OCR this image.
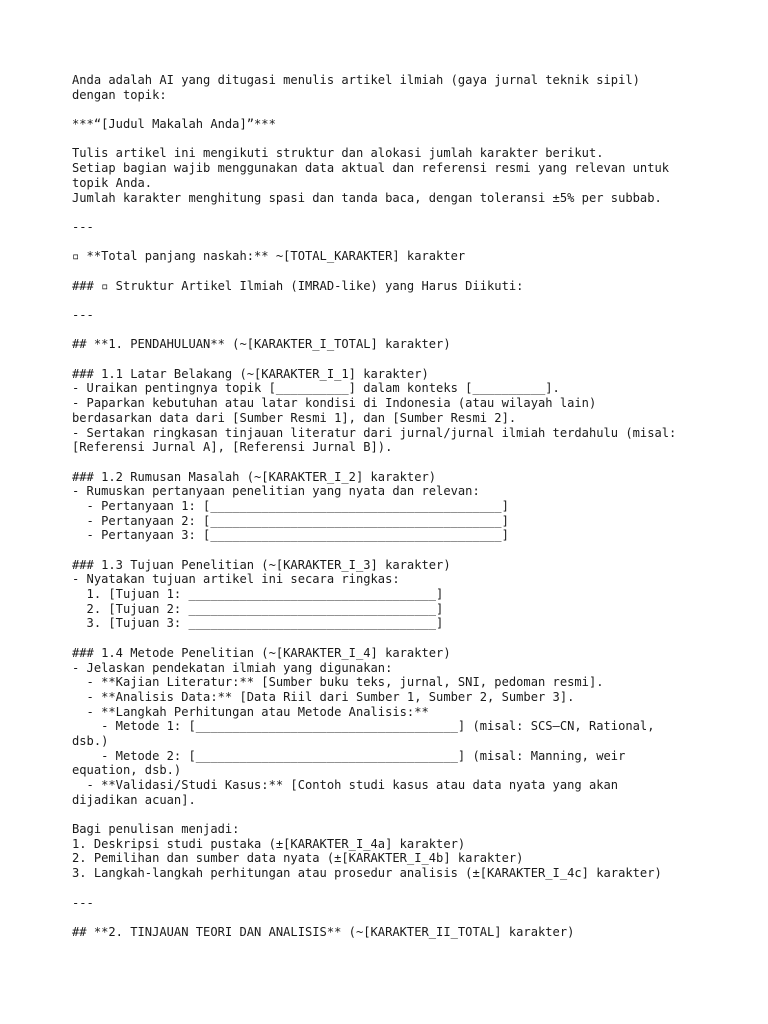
Anda adalah AI yang ditugasi menulis artikel ilmiah (gaya jurnal teknik sipil)
dengan topik:
***“[Judul Makalah Anda]”***
Tulis artikel ini mengikuti struktur dan alokasi jumlah karakter berikut.
Setiap bagian wajib menggunakan data aktual dan referensi resmi yang relevan untuk
topik Anda.
Jumlah karakter menghitung spasi dan tanda baca, dengan toleransi ±5% per subbab.
---
▫ **Total panjang naskah:** ~[TOTAL_KARAKTER] karakter
### ▫ Struktur Artikel Ilmiah (IMRAD-like) yang Harus Diikuti:
---
## **1. PENDAHULUAN** (~[KARAKTER_I_TOTAL] karakter)
### 1.1 Latar Belakang (~[KARAKTER_I_1] karakter)
- Uraikan pentingnya topik [__________] dalam konteks [__________].
- Paparkan kebutuhan atau latar kondisi di Indonesia (atau wilayah lain)
berdasarkan data dari [Sumber Resmi 1], dan [Sumber Resmi 2].
- Sertakan ringkasan tinjauan literatur dari jurnal/jurnal ilmiah terdahulu (misal:
[Referensi Jurnal A], [Referensi Jurnal B]).
### 1.2 Rumusan Masalah (~[KARAKTER_I_2] karakter)
- Rumuskan pertanyaan penelitian yang nyata dan relevan:
- Pertanyaan 1: [________________________________________]
- Pertanyaan 2: [________________________________________]
- Pertanyaan 3: [________________________________________]
### 1.3 Tujuan Penelitian (~[KARAKTER_I_3] karakter)
- Nyatakan tujuan artikel ini secara ringkas:
1. [Tujuan 1: __________________________________]
2. [Tujuan 2: __________________________________]
3. [Tujuan 3: __________________________________]
### 1.4 Metode Penelitian (~[KARAKTER_I_4] karakter)
- Jelaskan pendekatan ilmiah yang digunakan:
- **Kajian Literatur:** [Sumber buku teks, jurnal, SNI, pedoman resmi].
- **Analisis Data:** [Data Riil dari Sumber 1, Sumber 2, Sumber 3].
- **Langkah Perhitungan atau Metode Analisis:**
- Metode 1: [____________________________________] (misal: SCS–CN, Rational,
dsb.)
- Metode 2: [____________________________________] (misal: Manning, weir
equation, dsb.)
- **Validasi/Studi Kasus:** [Contoh studi kasus atau data nyata yang akan
dijadikan acuan].
Bagi penulisan menjadi:
1. Deskripsi studi pustaka (±[KARAKTER_I_4a] karakter)
2. Pemilihan dan sumber data nyata (±[KARAKTER_I_4b] karakter)
3. Langkah-langkah perhitungan atau prosedur analisis (±[KARAKTER_I_4c] karakter)
---
## **2. TINJAUAN TEORI DAN ANALISIS** (~[KARAKTER_II_TOTAL] karakter)
